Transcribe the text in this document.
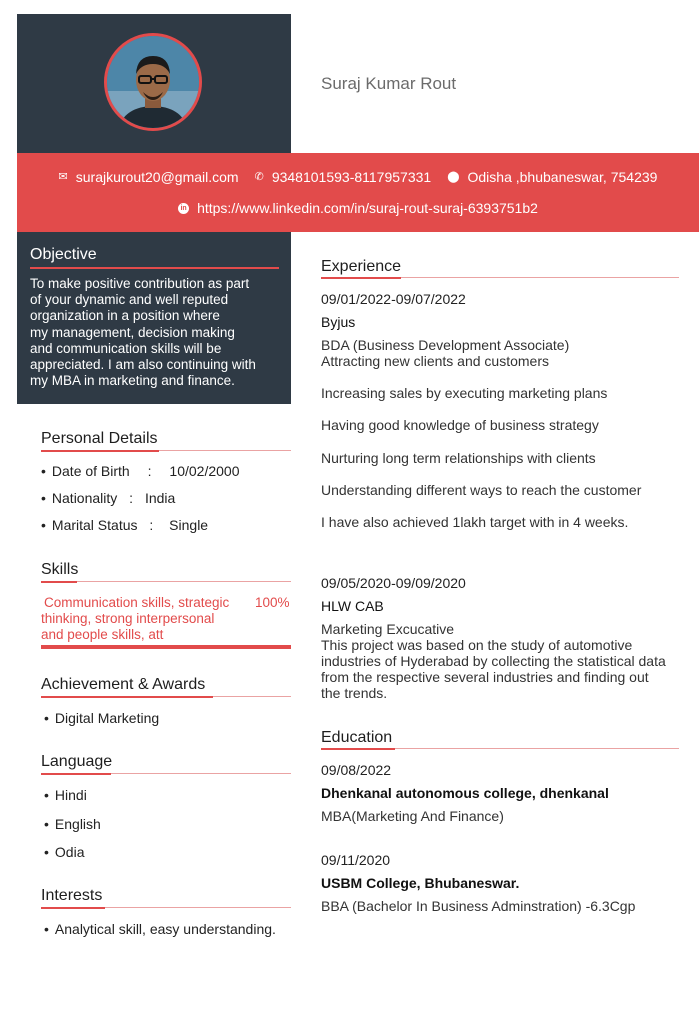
Suraj Kumar Rout
✉ surajkurout20@gmail.com ✆ 9348101593-8117957331 ⬤ Odisha ,bhubaneswar, 754239
in https://www.linkedin.com/in/suraj-rout-suraj-6393751b2
Objective
To make positive contribution as part
of your dynamic and well reputed
organization in a position where
my management, decision making
and communication skills will be
appreciated. I am also continuing with
my MBA in marketing and finance.
Personal Details
• Date of Birth : 10/02/2000
• Nationality : India
• Marital Status : Single
Skills
Communication skills, strategic
thinking, strong interpersonal
and people skills, att
100%
Achievement & Awards
• Digital Marketing
Language
• Hindi
• English
• Odia
Interests
• Analytical skill, easy understanding.
Experience
09/01/2022-09/07/2022
Byjus
BDA (Business Development Associate)
Attracting new clients and customers
Increasing sales by executing marketing plans
Having good knowledge of business strategy
Nurturing long term relationships with clients
Understanding different ways to reach the customer
I have also achieved 1lakh target with in 4 weeks.
09/05/2020-09/09/2020
HLW CAB
Marketing Excucative
This project was based on the study of automotive
industries of Hyderabad by collecting the statistical data
from the respective several industries and finding out
the trends.
Education
09/08/2022
Dhenkanal autonomous college, dhenkanal
MBA(Marketing And Finance)
09/11/2020
USBM College, Bhubaneswar.
BBA (Bachelor In Business Adminstration) -6.3Cgp
